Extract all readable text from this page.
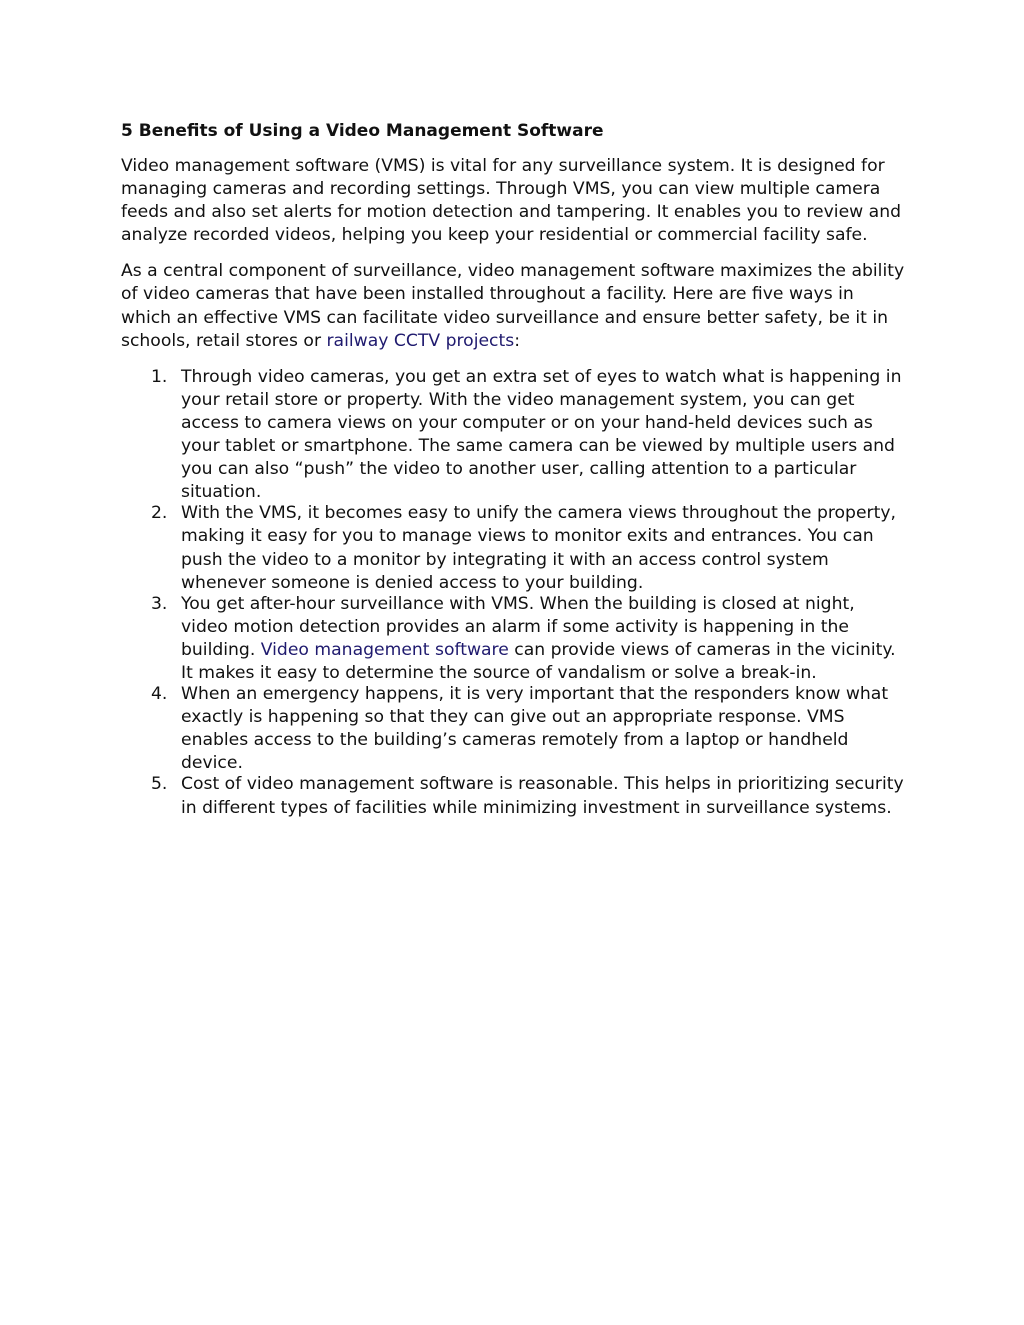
5 Benefits of Using a Video Management Software

Video management software (VMS) is vital for any surveillance system. It is designed for managing cameras and recording settings. Through VMS, you can view multiple camera feeds and also set alerts for motion detection and tampering. It enables you to review and analyze recorded videos, helping you keep your residential or commercial facility safe.

As a central component of surveillance, video management software maximizes the ability of video cameras that have been installed throughout a facility. Here are five ways in which an effective VMS can facilitate video surveillance and ensure better safety, be it in schools, retail stores or railway CCTV projects:

1. Through video cameras, you get an extra set of eyes to watch what is happening in your retail store or property. With the video management system, you can get access to camera views on your computer or on your hand-held devices such as your tablet or smartphone. The same camera can be viewed by multiple users and you can also “push” the video to another user, calling attention to a particular situation.
2. With the VMS, it becomes easy to unify the camera views throughout the property, making it easy for you to manage views to monitor exits and entrances. You can push the video to a monitor by integrating it with an access control system whenever someone is denied access to your building.
3. You get after-hour surveillance with VMS. When the building is closed at night, video motion detection provides an alarm if some activity is happening in the building. Video management software can provide views of cameras in the vicinity. It makes it easy to determine the source of vandalism or solve a break-in.
4. When an emergency happens, it is very important that the responders know what exactly is happening so that they can give out an appropriate response. VMS enables access to the building’s cameras remotely from a laptop or handheld device.
5. Cost of video management software is reasonable. This helps in prioritizing security in different types of facilities while minimizing investment in surveillance systems.
